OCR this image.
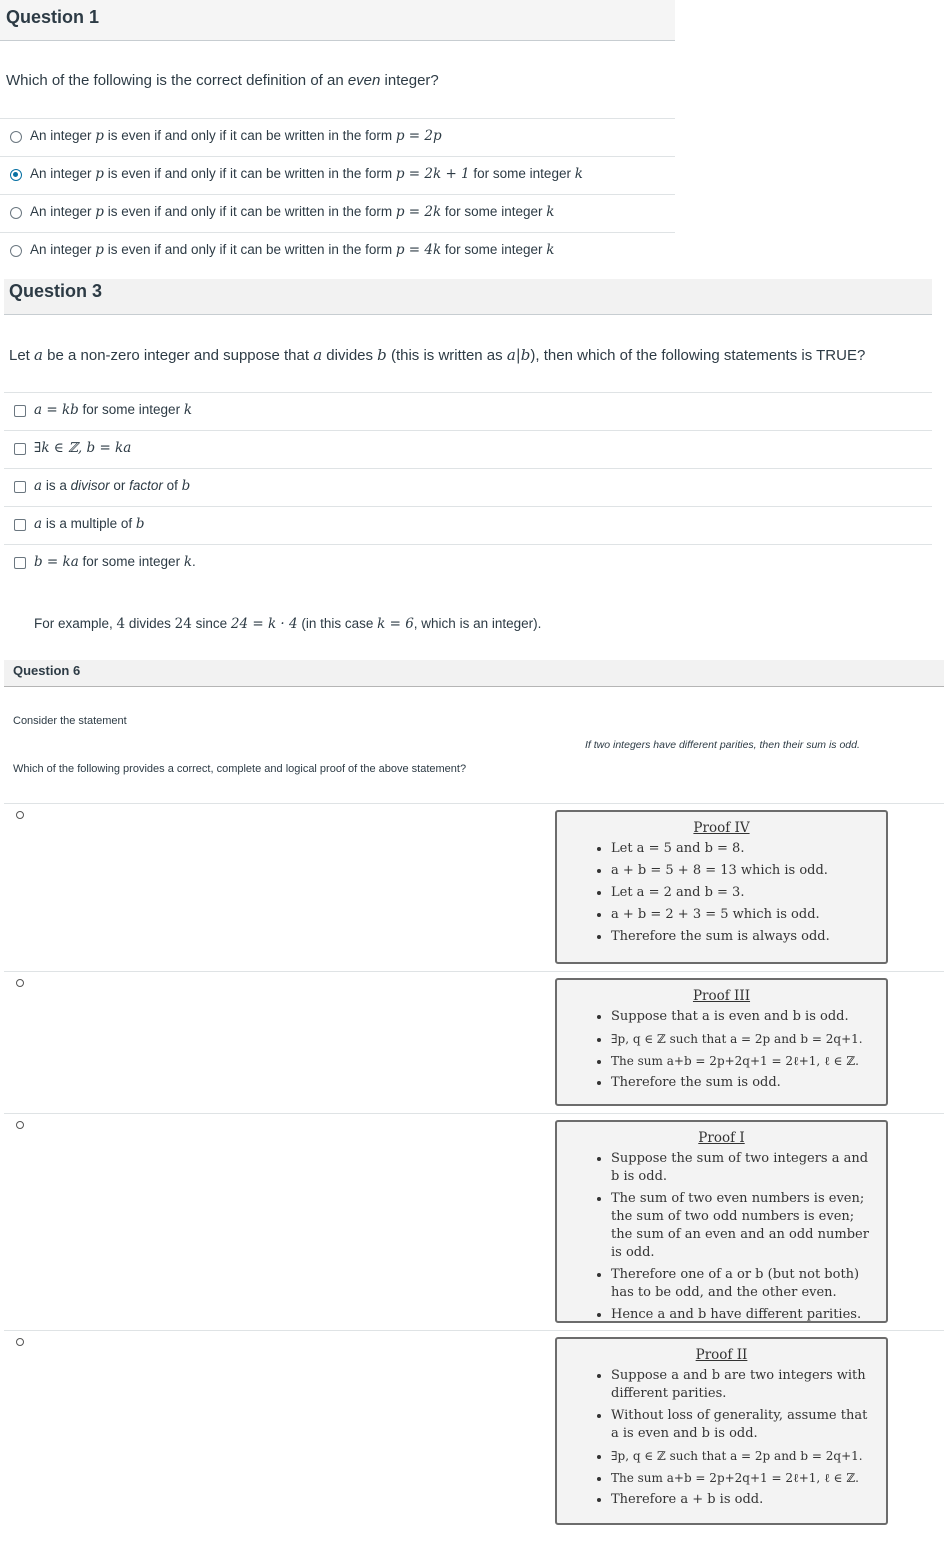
Question 1
Which of the following is the correct definition of an even integer?
An integer p is even if and only if it can be written in the form p = 2p
An integer p is even if and only if it can be written in the form p = 2k + 1 for some integer k
An integer p is even if and only if it can be written in the form p = 2k for some integer k
An integer p is even if and only if it can be written in the form p = 4k for some integer k
Question 3
Let a be a non-zero integer and suppose that a divides b (this is written as a|b), then which of the following statements is TRUE?
a = kb for some integer k
∃k ∈ ℤ, b = ka
a is a divisor or factor of b
a is a multiple of b
b = ka for some integer k.
For example, 4 divides 24 since 24 = k · 4 (in this case k = 6, which is an integer).
Question 6
Consider the statement
If two integers have different parities, then their sum is odd.
Which of the following provides a correct, complete and logical proof of the above statement?
Proof IV
• Let a = 5 and b = 8.
• a + b = 5 + 8 = 13 which is odd.
• Let a = 2 and b = 3.
• a + b = 2 + 3 = 5 which is odd.
• Therefore the sum is always odd.
Proof III
• Suppose that a is even and b is odd.
• ∃p, q ∈ ℤ such that a = 2p and b = 2q+1.
• The sum a+b = 2p+2q+1 = 2ℓ+1, ℓ ∈ ℤ.
• Therefore the sum is odd.
Proof I
• Suppose the sum of two integers a and b is odd.
• The sum of two even numbers is even; the sum of two odd numbers is even; the sum of an even and an odd number is odd.
• Therefore one of a or b (but not both) has to be odd, and the other even.
• Hence a and b have different parities.
Proof II
• Suppose a and b are two integers with different parities.
• Without loss of generality, assume that a is even and b is odd.
• ∃p, q ∈ ℤ such that a = 2p and b = 2q+1.
• The sum a+b = 2p+2q+1 = 2ℓ+1, ℓ ∈ ℤ.
• Therefore a + b is odd.
